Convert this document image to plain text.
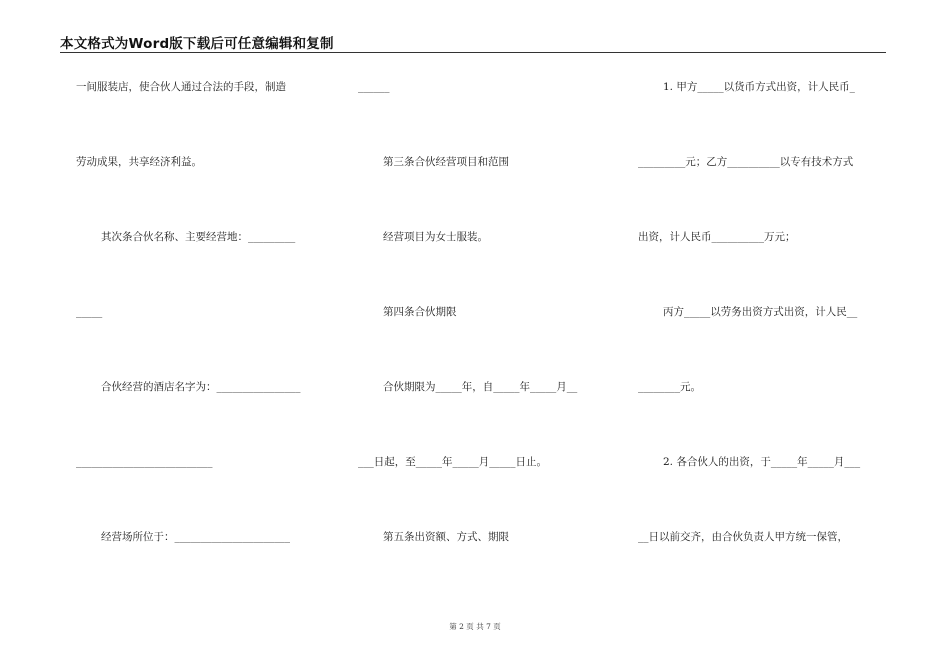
本文格式为Word版下载后可任意编辑和复制
一间服装店，使合伙人通过合法的手段，制造
劳动成果，共享经济利益。
其次条合伙名称、主要经营地：_________
_____
合伙经营的酒店名字为：________________
__________________________
经营场所位于：______________________
______
第三条合伙经营项目和范围
经营项目为女士服装。
第四条合伙期限
合伙期限为_____年，自_____年_____月__
___日起，至_____年_____月_____日止。
第五条出资额、方式、期限
1. 甲方_____以货币方式出资，计人民币_
_________元；乙方__________以专有技术方式
出资，计人民币__________万元；
丙方_____以劳务出资方式出资，计人民__
________元。
2. 各合伙人的出资，于_____年_____月___
__日以前交齐，由合伙负责人甲方统一保管，
第 2 页 共 7 页
